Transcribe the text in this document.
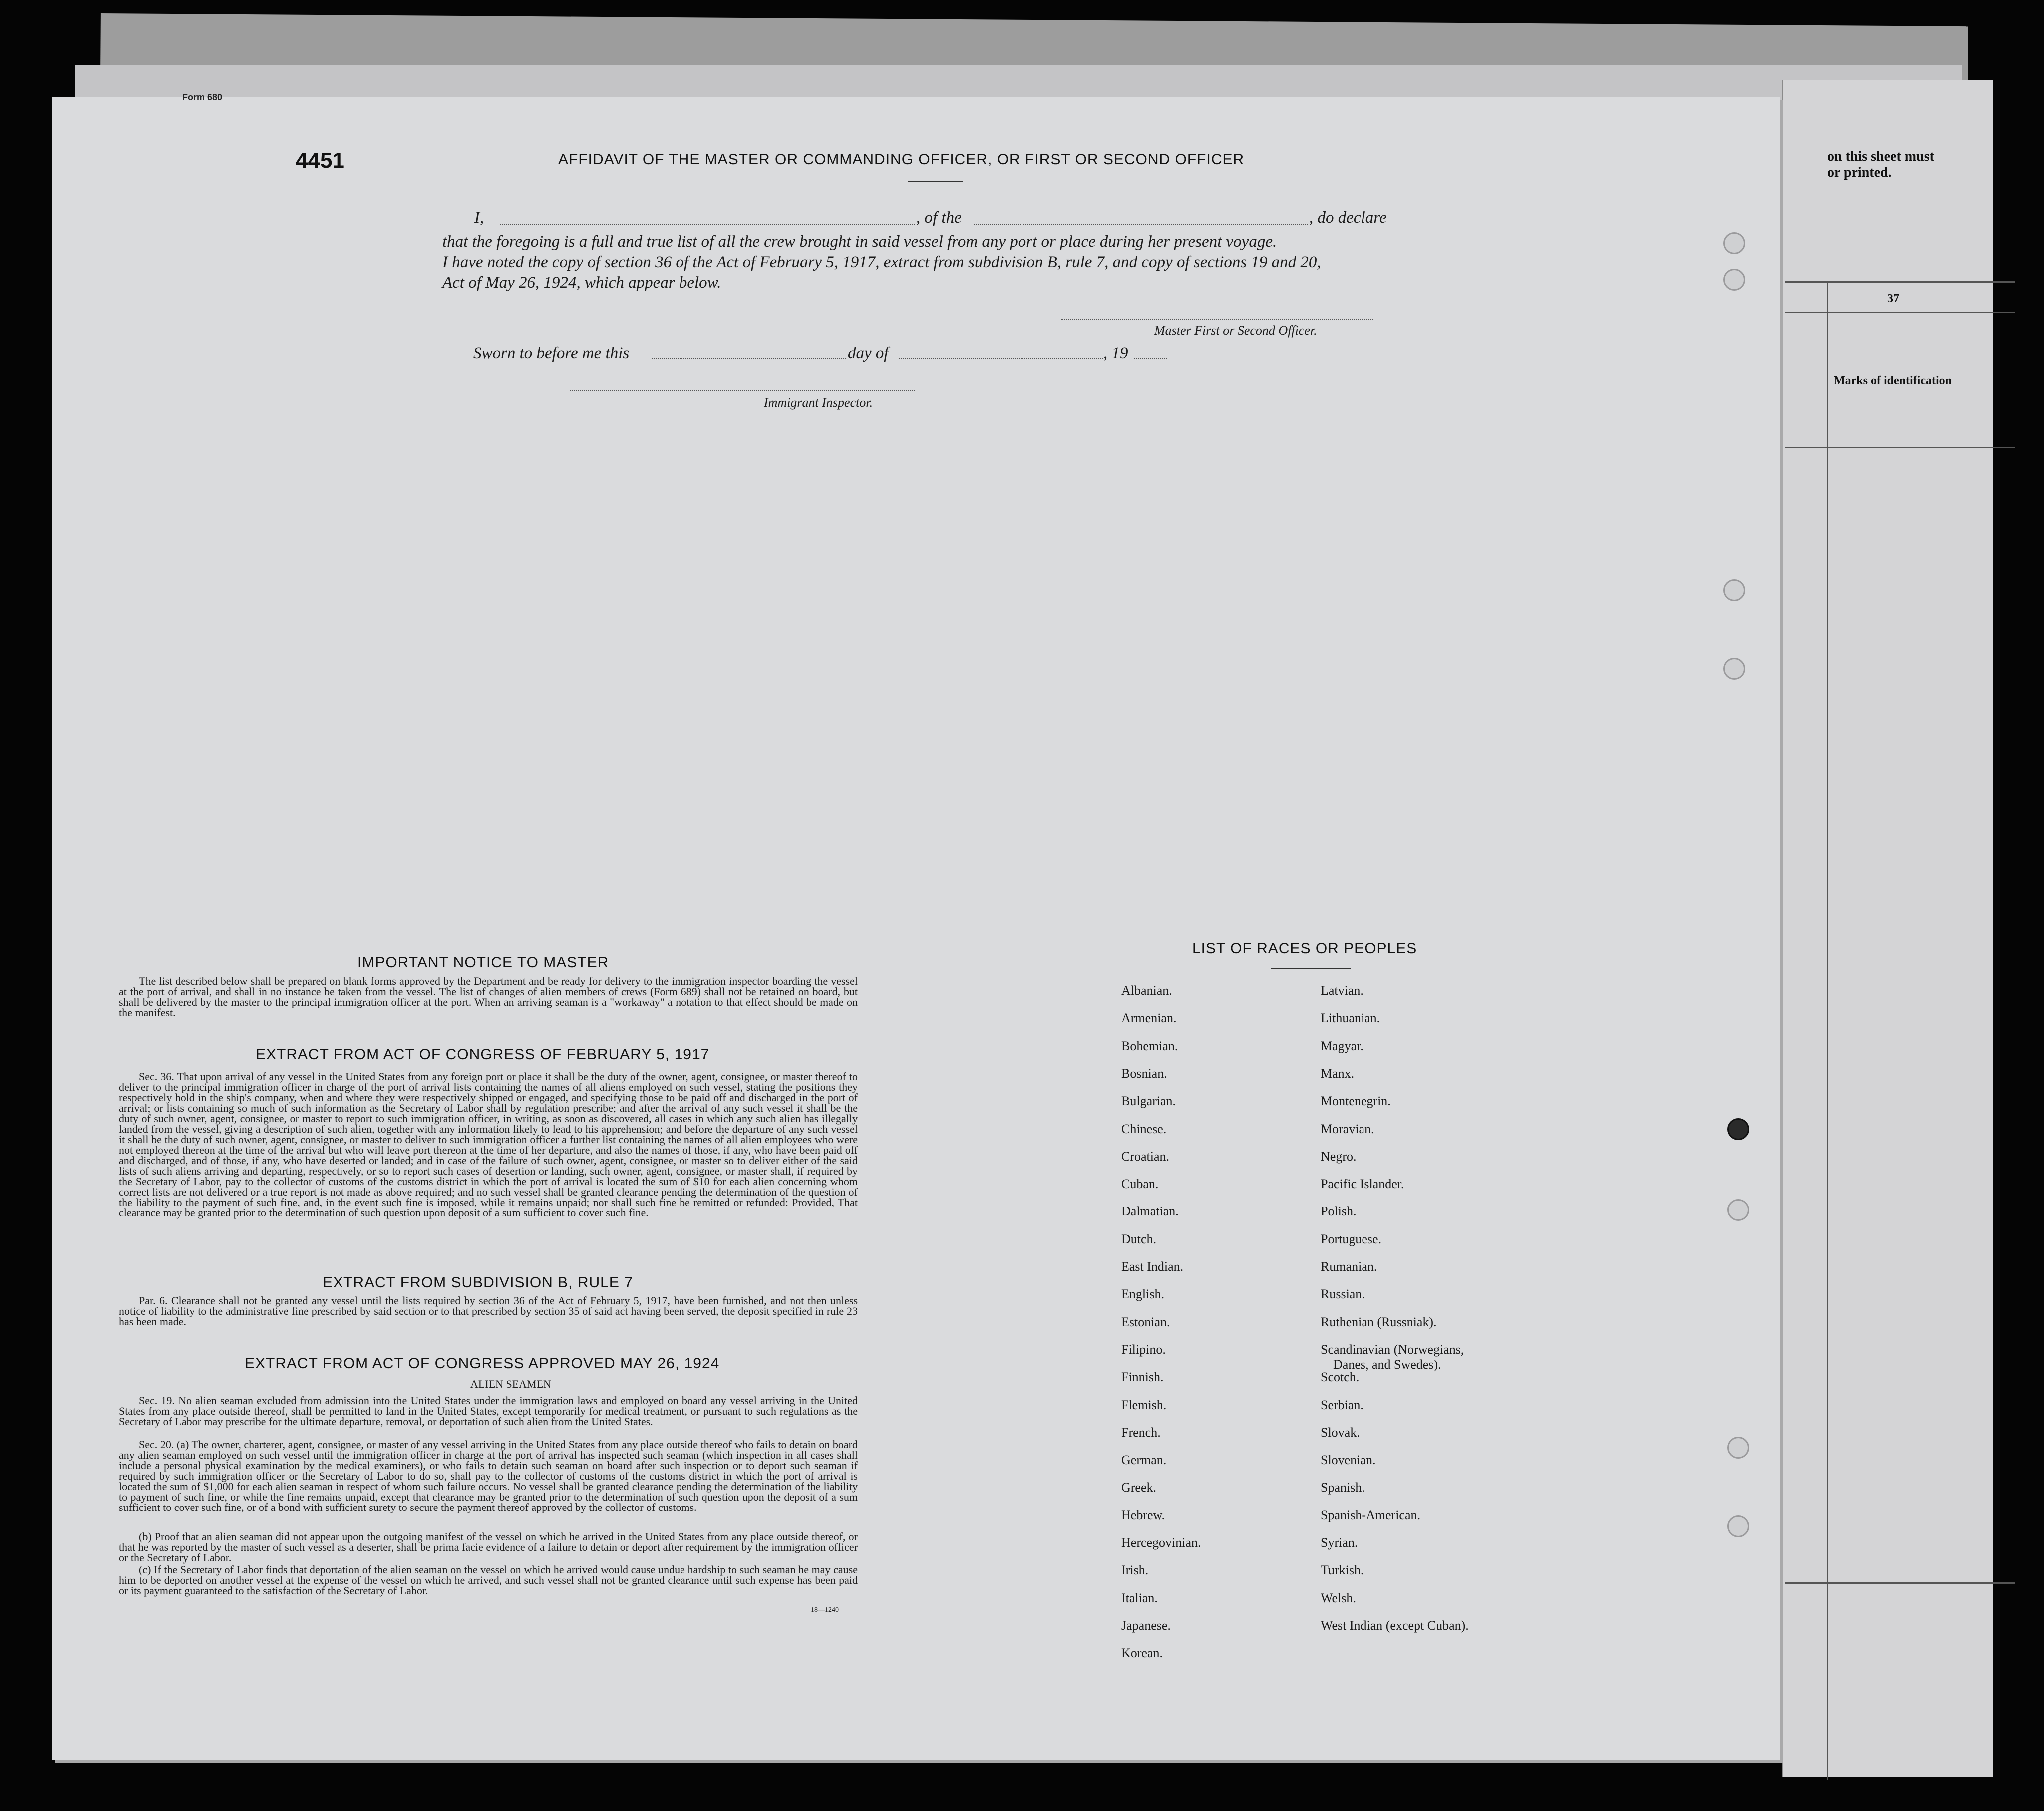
on this sheet must
or printed.
37
Marks of identification
Form 680
4451	AFFIDAVIT OF THE MASTER OR COMMANDING OFFICER, OR FIRST OR SECOND OFFICER
I,	, of the	, do declare
that the foregoing is a full and true list of all the crew brought in said vessel from any port or place during her present voyage.
I have noted the copy of section 36 of the Act of February 5, 1917, extract from subdivision B, rule 7, and copy of sections 19 and 20,
Act of May 26, 1924, which appear below.
Master First or Second Officer.
Sworn to before me this	day of	, 19
Immigrant Inspector.
IMPORTANT NOTICE TO MASTER
The list described below shall be prepared on blank forms approved by the Department and be ready for delivery to the immigration inspector boarding the vessel at the port of arrival, and shall in no instance be taken from the vessel. The list of changes of alien members of crews (Form 689) shall not be retained on board, but shall be delivered by the master to the principal immigration officer at the port. When an arriving seaman is a "workaway" a notation to that effect should be made on the manifest.
EXTRACT FROM ACT OF CONGRESS OF FEBRUARY 5, 1917
Sec. 36. That upon arrival of any vessel in the United States from any foreign port or place it shall be the duty of the owner, agent, consignee, or master thereof to deliver to the principal immigration officer in charge of the port of arrival lists containing the names of all aliens employed on such vessel, stating the positions they respectively hold in the ship's company, when and where they were respectively shipped or engaged, and specifying those to be paid off and discharged in the port of arrival; or lists containing so much of such information as the Secretary of Labor shall by regulation prescribe; and after the arrival of any such vessel it shall be the duty of such owner, agent, consignee, or master to report to such immigration officer, in writing, as soon as discovered, all cases in which any such alien has illegally landed from the vessel, giving a description of such alien, together with any information likely to lead to his apprehension; and before the departure of any such vessel it shall be the duty of such owner, agent, consignee, or master to deliver to such immigration officer a further list containing the names of all alien employees who were not employed thereon at the time of the arrival but who will leave port thereon at the time of her departure, and also the names of those, if any, who have been paid off and discharged, and of those, if any, who have deserted or landed; and in case of the failure of such owner, agent, consignee, or master so to deliver either of the said lists of such aliens arriving and departing, respectively, or so to report such cases of desertion or landing, such owner, agent, consignee, or master shall, if required by the Secretary of Labor, pay to the collector of customs of the customs district in which the port of arrival is located the sum of $10 for each alien concerning whom correct lists are not delivered or a true report is not made as above required; and no such vessel shall be granted clearance pending the determination of the question of the liability to the payment of such fine, and, in the event such fine is imposed, while it remains unpaid; nor shall such fine be remitted or refunded: Provided, That clearance may be granted prior to the determination of such question upon deposit of a sum sufficient to cover such fine.
EXTRACT FROM SUBDIVISION B, RULE 7
Par. 6. Clearance shall not be granted any vessel until the lists required by section 36 of the Act of February 5, 1917, have been furnished, and not then unless notice of liability to the administrative fine prescribed by said section or to that prescribed by section 35 of said act having been served, the deposit specified in rule 23 has been made.
EXTRACT FROM ACT OF CONGRESS APPROVED MAY 26, 1924
ALIEN SEAMEN
Sec. 19. No alien seaman excluded from admission into the United States under the immigration laws and employed on board any vessel arriving in the United States from any place outside thereof, shall be permitted to land in the United States, except temporarily for medical treatment, or pursuant to such regulations as the Secretary of Labor may prescribe for the ultimate departure, removal, or deportation of such alien from the United States.
Sec. 20. (a) The owner, charterer, agent, consignee, or master of any vessel arriving in the United States from any place outside thereof who fails to detain on board any alien seaman employed on such vessel until the immigration officer in charge at the port of arrival has inspected such seaman (which inspection in all cases shall include a personal physical examination by the medical examiners), or who fails to detain such seaman on board after such inspection or to deport such seaman if required by such immigration officer or the Secretary of Labor to do so, shall pay to the collector of customs of the customs district in which the port of arrival is located the sum of $1,000 for each alien seaman in respect of whom such failure occurs. No vessel shall be granted clearance pending the determination of the liability to payment of such fine, or while the fine remains unpaid, except that clearance may be granted prior to the determination of such question upon the deposit of a sum sufficient to cover such fine, or of a bond with sufficient surety to secure the payment thereof approved by the collector of customs.
(b) Proof that an alien seaman did not appear upon the outgoing manifest of the vessel on which he arrived in the United States from any place outside thereof, or that he was reported by the master of such vessel as a deserter, shall be prima facie evidence of a failure to detain or deport after requirement by the immigration officer or the Secretary of Labor.
(c) If the Secretary of Labor finds that deportation of the alien seaman on the vessel on which he arrived would cause undue hardship to such seaman he may cause him to be deported on another vessel at the expense of the vessel on which he arrived, and such vessel shall not be granted clearance until such expense has been paid or its payment guaranteed to the satisfaction of the Secretary of Labor.
18—1240
LIST OF RACES OR PEOPLES
Albanian.
Armenian.
Bohemian.
Bosnian.
Bulgarian.
Chinese.
Croatian.
Cuban.
Dalmatian.
Dutch.
East Indian.
English.
Estonian.
Filipino.
Finnish.
Flemish.
French.
German.
Greek.
Hebrew.
Hercegovinian.
Irish.
Italian.
Japanese.
Korean.
Latvian.
Lithuanian.
Magyar.
Manx.
Montenegrin.
Moravian.
Negro.
Pacific Islander.
Polish.
Portuguese.
Rumanian.
Russian.
Ruthenian (Russniak).
Scandinavian (Norwegians,
Danes, and Swedes).
Scotch.
Serbian.
Slovak.
Slovenian.
Spanish.
Spanish-American.
Syrian.
Turkish.
Welsh.
West Indian (except Cuban).
